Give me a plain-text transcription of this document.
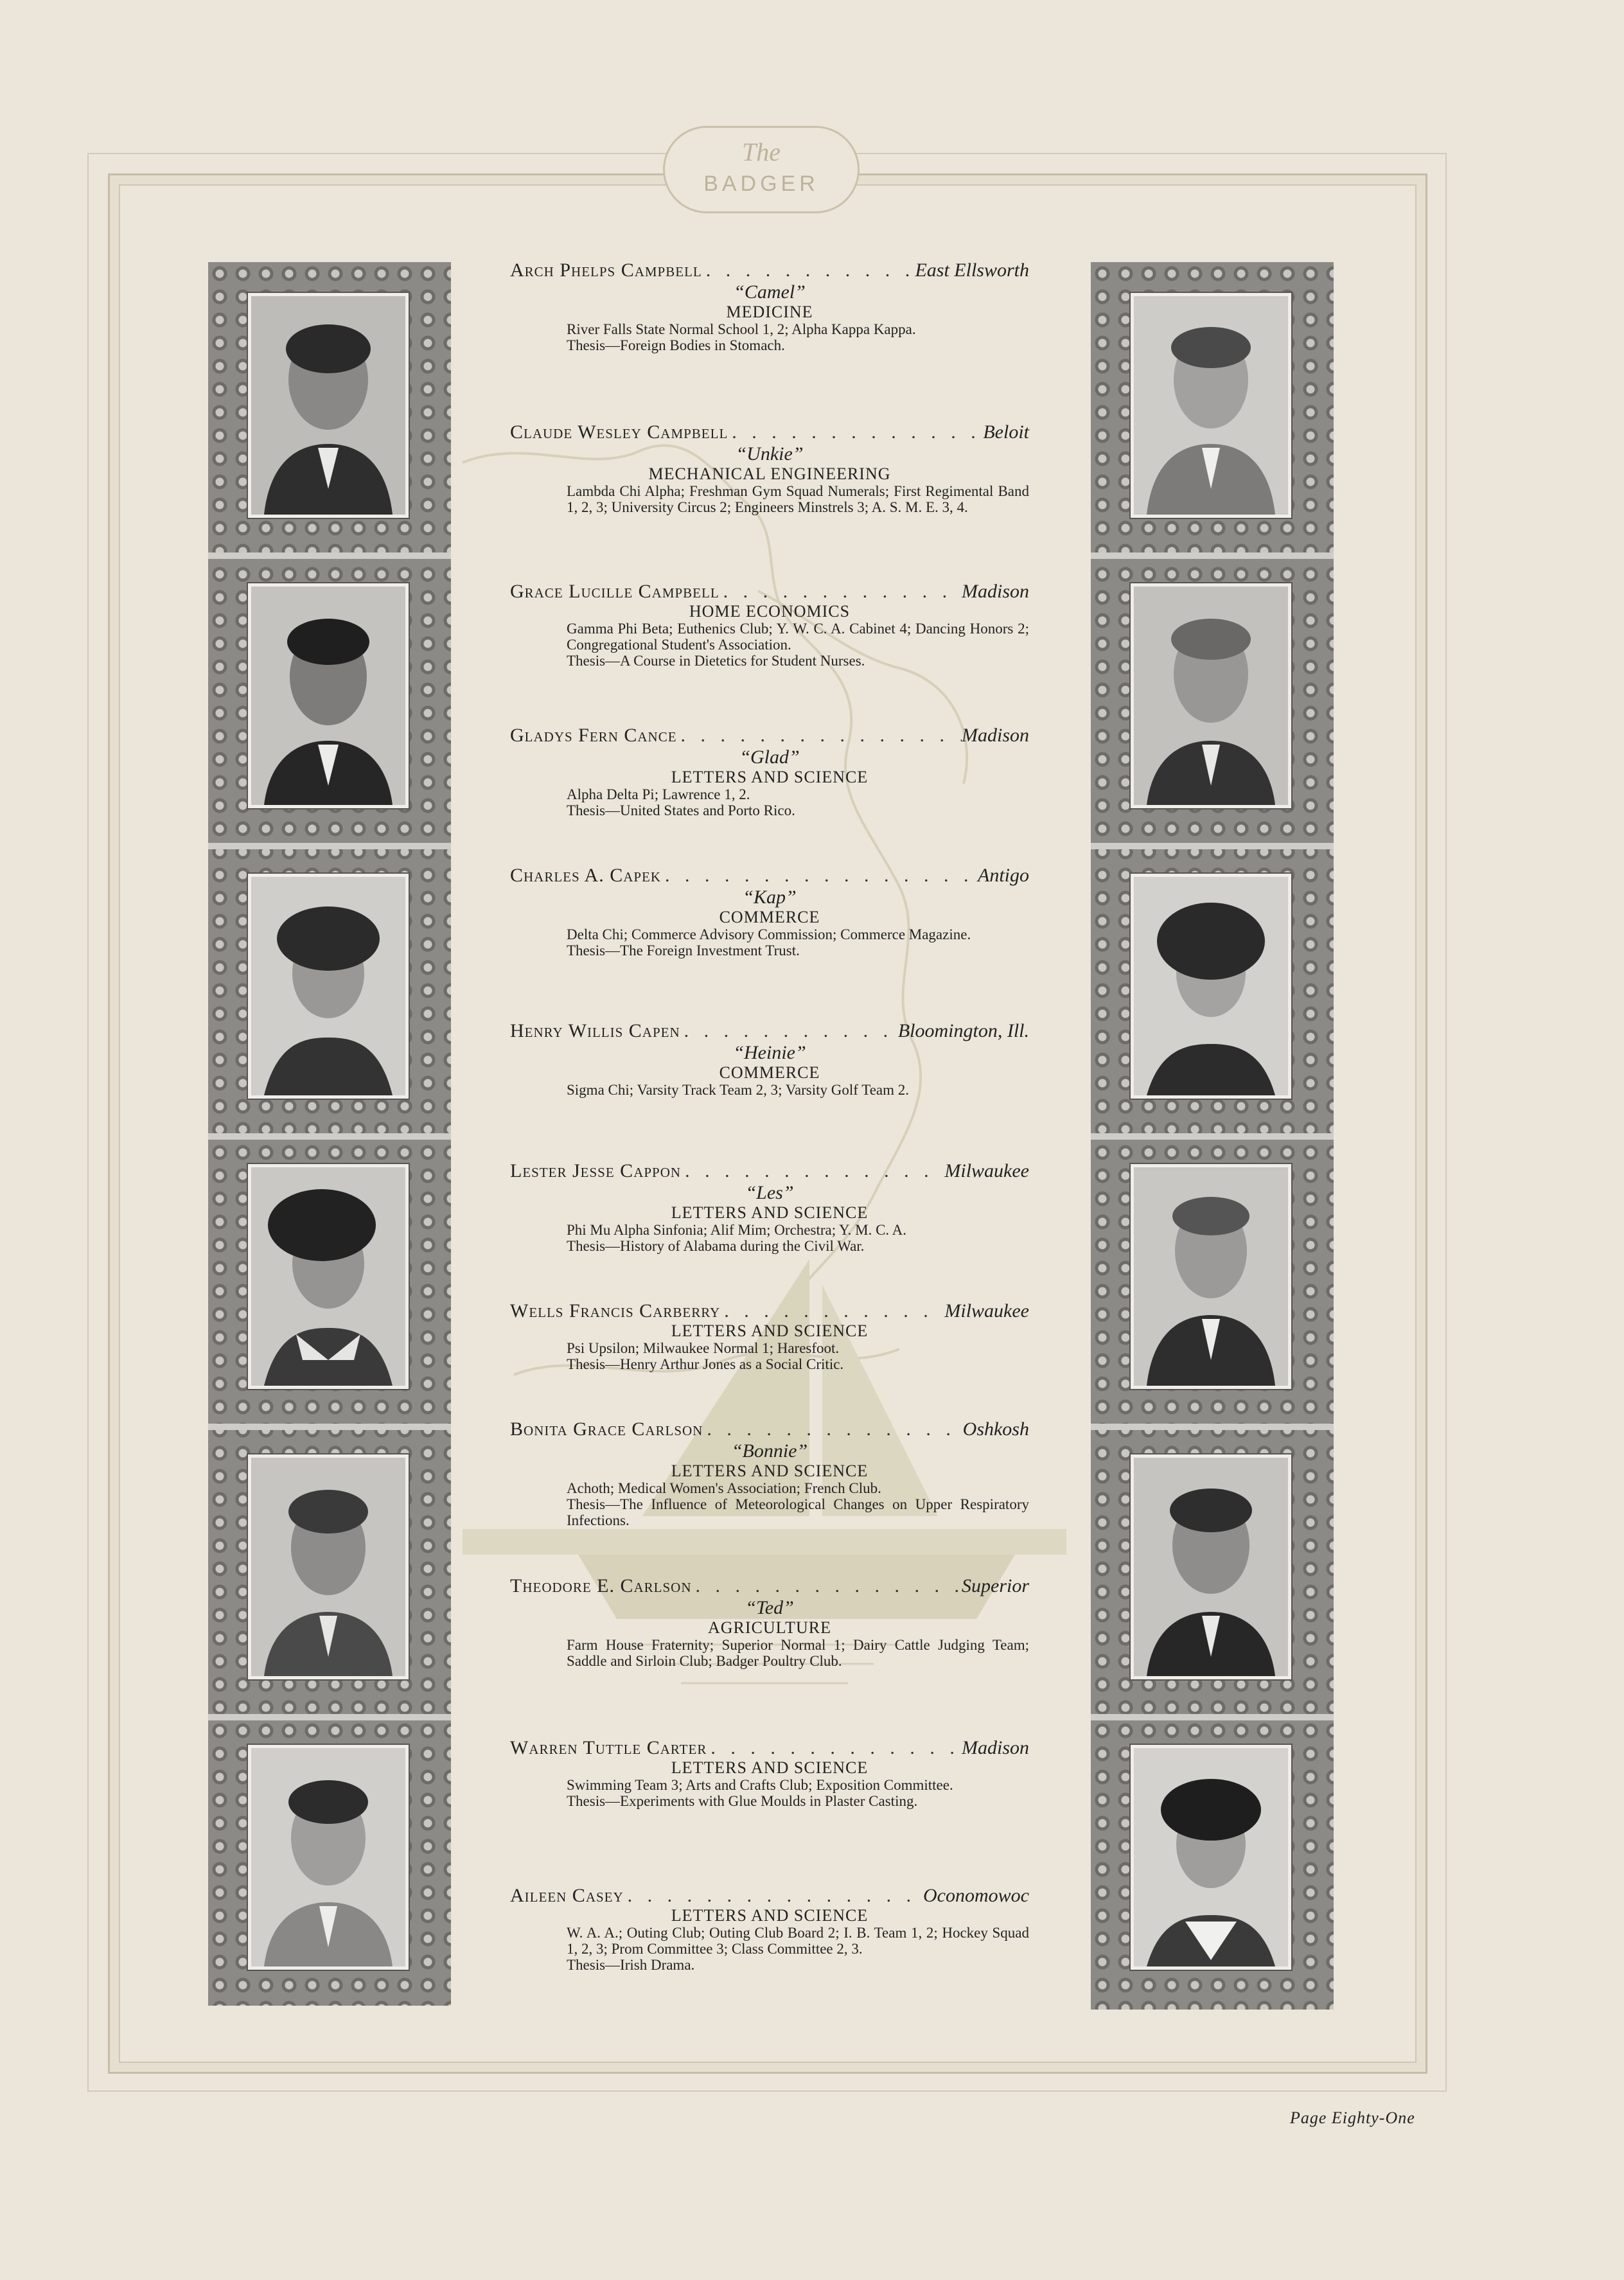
The
BADGER
Arch Phelps Campbell . . .	East Ellsworth
“Camel”
MEDICINE
River Falls State Normal School 1, 2; Alpha Kappa Kappa.
Thesis—Foreign Bodies in Stomach.
Claude Wesley Campbell . . .	Beloit
“Unkie”
MECHANICAL ENGINEERING
Lambda Chi Alpha; Freshman Gym Squad Numerals; First Regimental Band 1, 2, 3; University Circus 2; Engineers Minstrels 3; A. S. M. E. 3, 4.
Grace Lucille Campbell . . .	Madison
HOME ECONOMICS
Gamma Phi Beta; Euthenics Club; Y. W. C. A. Cabinet 4; Dancing Honors 2; Congregational Student's Association.
Thesis—A Course in Dietetics for Student Nurses.
Gladys Fern Cance . . .	Madison
“Glad”
LETTERS AND SCIENCE
Alpha Delta Pi; Lawrence 1, 2.
Thesis—United States and Porto Rico.
Charles A. Capek . . .	Antigo
“Kap”
COMMERCE
Delta Chi; Commerce Advisory Commission; Commerce Magazine.
Thesis—The Foreign Investment Trust.
Henry Willis Capen . . .	Bloomington, Ill.
“Heinie”
COMMERCE
Sigma Chi; Varsity Track Team 2, 3; Varsity Golf Team 2.
Lester Jesse Cappon . . .	Milwaukee
“Les”
LETTERS AND SCIENCE
Phi Mu Alpha Sinfonia; Alif Mim; Orchestra; Y. M. C. A.
Thesis—History of Alabama during the Civil War.
Wells Francis Carberry . . .	Milwaukee
LETTERS AND SCIENCE
Psi Upsilon; Milwaukee Normal 1; Haresfoot.
Thesis—Henry Arthur Jones as a Social Critic.
Bonita Grace Carlson . . .	Oshkosh
“Bonnie”
LETTERS AND SCIENCE
Achoth; Medical Women's Association; French Club.
Thesis—The Influence of Meteorological Changes on Upper Respiratory Infections.
Theodore E. Carlson . . .	Superior
“Ted”
AGRICULTURE
Farm House Fraternity; Superior Normal 1; Dairy Cattle Judging Team; Saddle and Sirloin Club; Badger Poultry Club.
Warren Tuttle Carter . . .	Madison
LETTERS AND SCIENCE
Swimming Team 3; Arts and Crafts Club; Exposition Committee.
Thesis—Experiments with Glue Moulds in Plaster Casting.
Aileen Casey . . .	Oconomowoc
LETTERS AND SCIENCE
W. A. A.; Outing Club; Outing Club Board 2; I. B. Team 1, 2; Hockey Squad 1, 2, 3; Prom Committee 3; Class Committee 2, 3.
Thesis—Irish Drama.
Page Eighty-One
